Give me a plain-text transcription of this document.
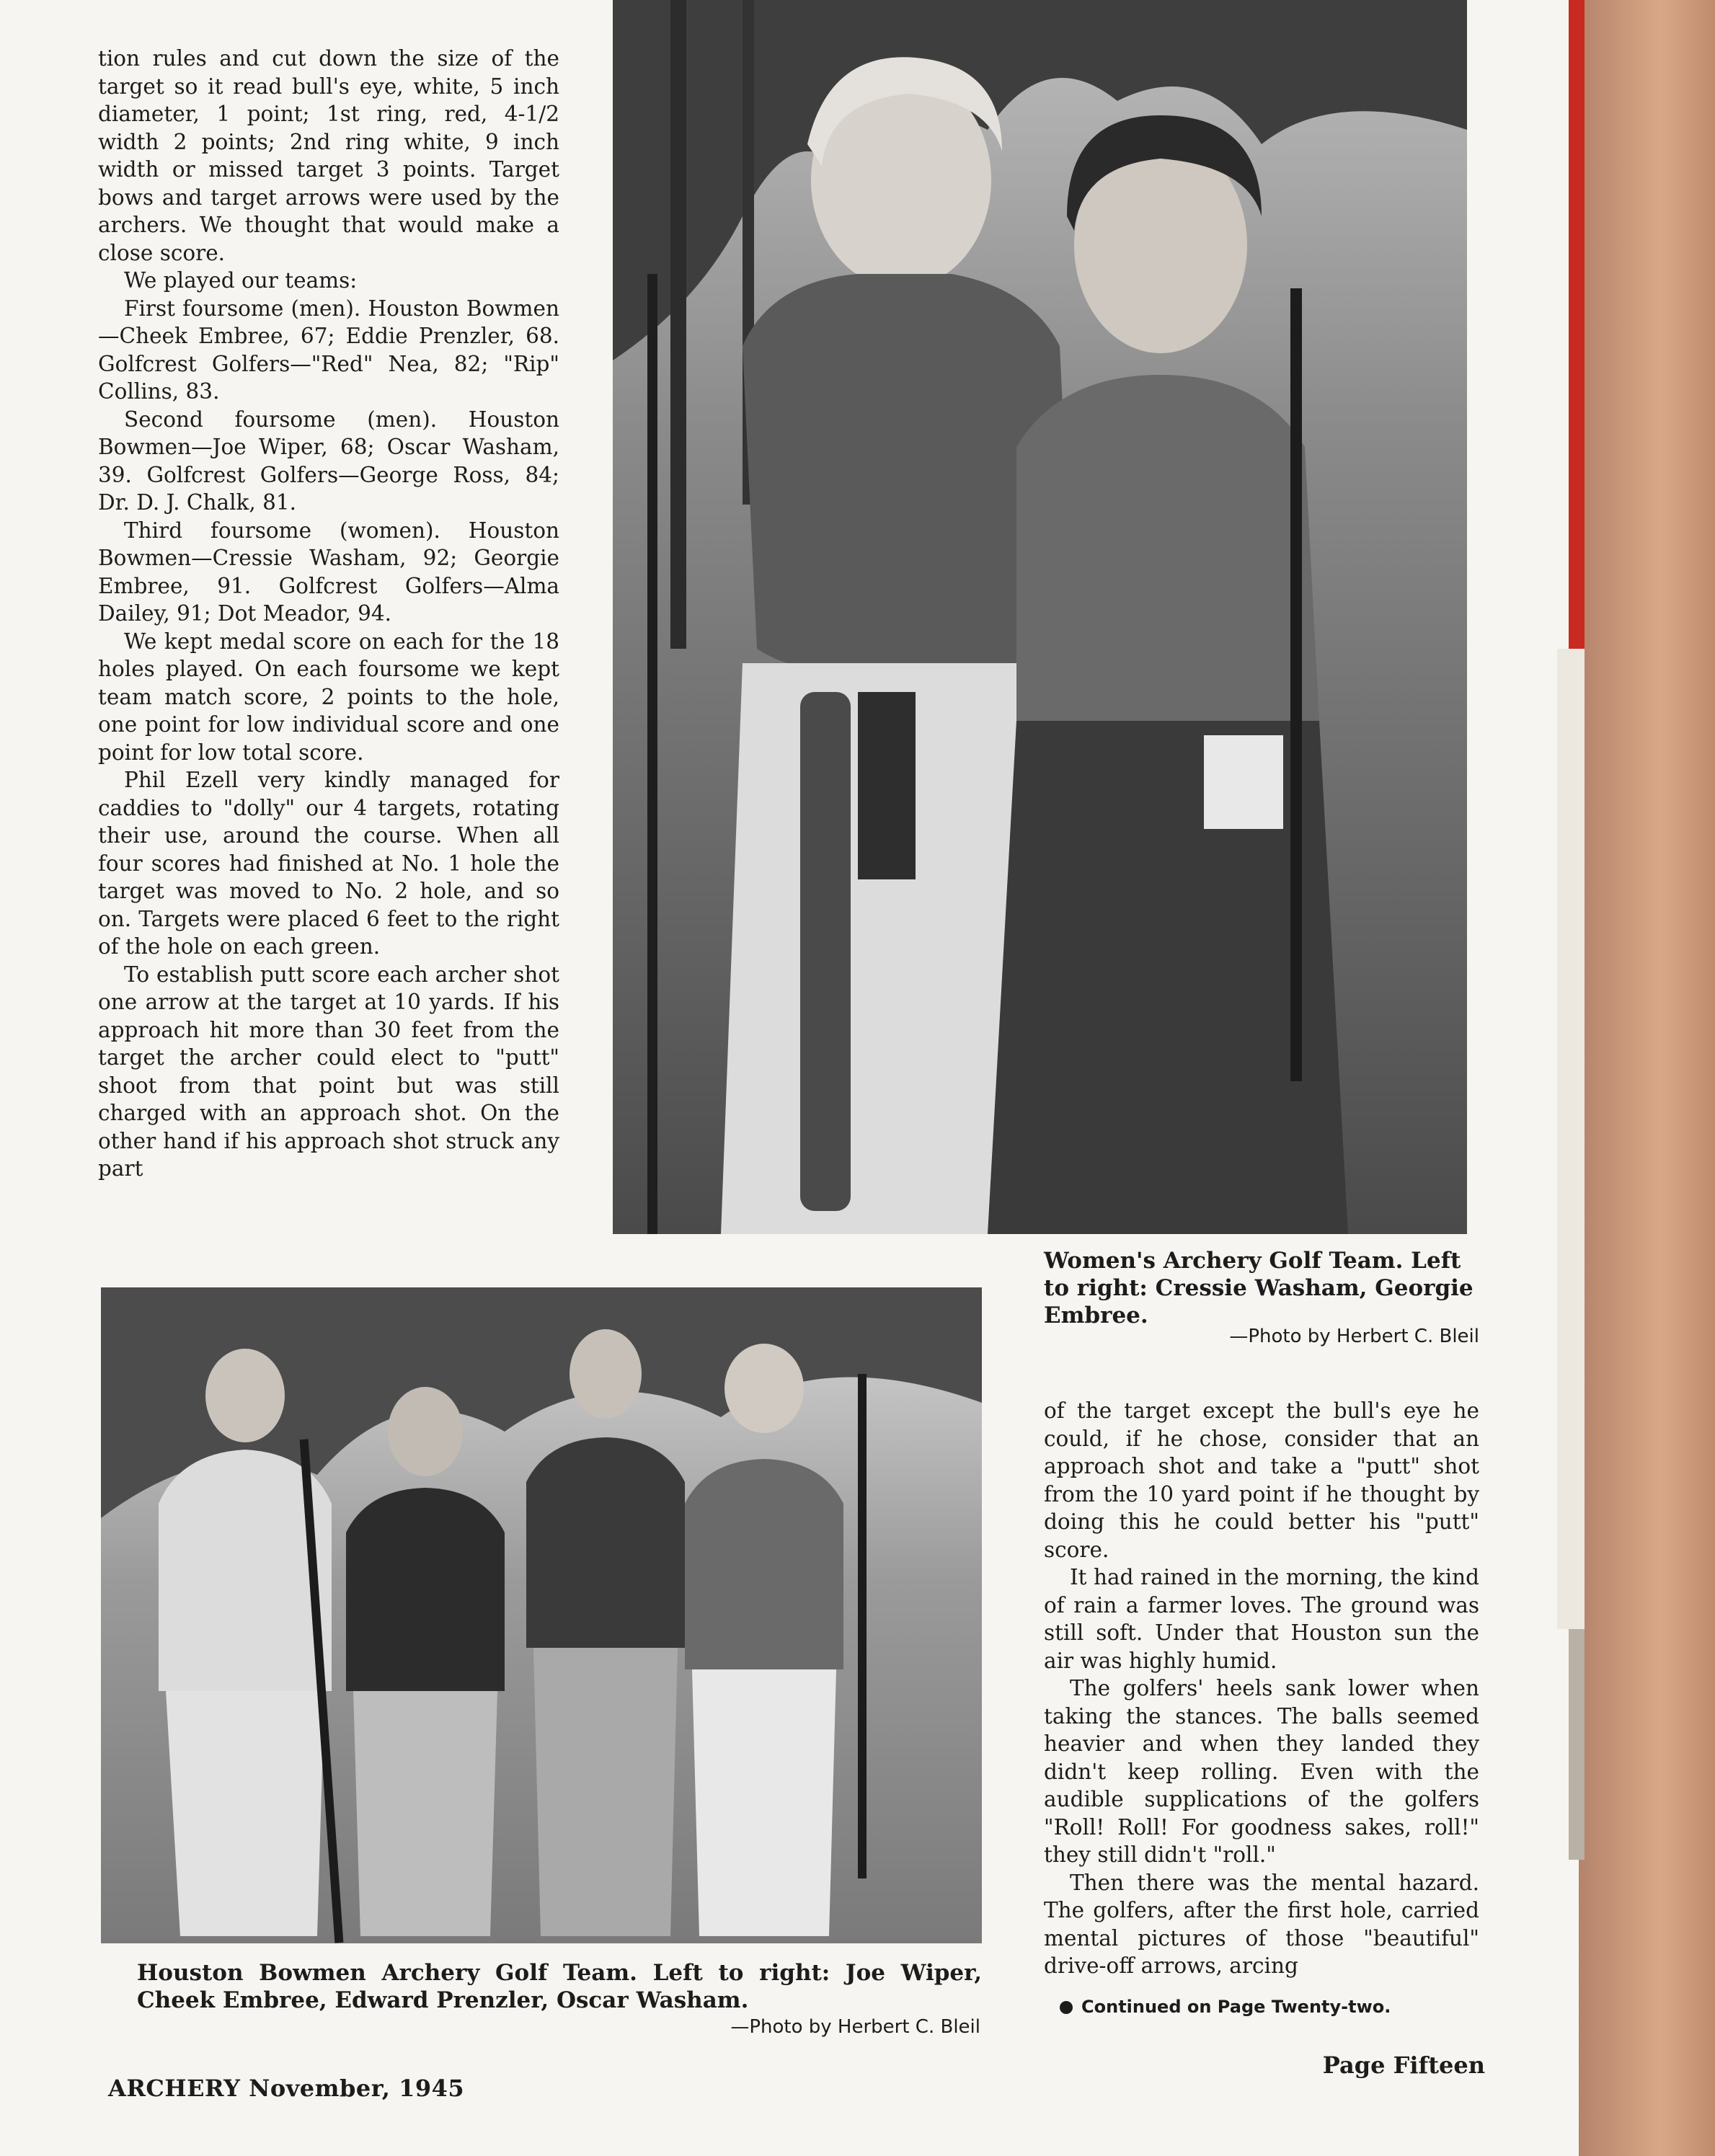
tion rules and cut down the size of the target so it read bull's eye, white, 5 inch diameter, 1 point; 1st ring, red, 4-1/2 width 2 points; 2nd ring white, 9 inch width or missed target 3 points. Target bows and target arrows were used by the archers. We thought that would make a close score.

We played our teams:

First foursome (men). Houston Bowmen—Cheek Embree, 67; Eddie Prenzler, 68. Golfcrest Golfers—"Red" Nea, 82; "Rip" Collins, 83.

Second foursome (men). Houston Bowmen—Joe Wiper, 68; Oscar Washam, 39. Golfcrest Golfers—George Ross, 84; Dr. D. J. Chalk, 81.

Third foursome (women). Houston Bowmen—Cressie Washam, 92; Georgie Embree, 91. Golfcrest Golfers—Alma Dailey, 91; Dot Meador, 94.

We kept medal score on each for the 18 holes played. On each foursome we kept team match score, 2 points to the hole, one point for low individual score and one point for low total score.

Phil Ezell very kindly managed for caddies to "dolly" our 4 targets, rotating their use, around the course. When all four scores had finished at No. 1 hole the target was moved to No. 2 hole, and so on. Targets were placed 6 feet to the right of the hole on each green.

To establish putt score each archer shot one arrow at the target at 10 yards. If his approach hit more than 30 feet from the target the archer could elect to "putt" shoot from that point but was still charged with an approach shot. On the other hand if his approach shot struck any part

Women's Archery Golf Team. Left to right: Cressie Washam, Georgie Embree.
—Photo by Herbert C. Bleil
Houston Bowmen Archery Golf Team. Left to right: Joe Wiper, Cheek Embree, Edward Prenzler, Oscar Washam.
—Photo by Herbert C. Bleil

of the target except the bull's eye he could, if he chose, consider that an approach shot and take a "putt" shot from the 10 yard point if he thought by doing this he could better his "putt" score.

It had rained in the morning, the kind of rain a farmer loves. The ground was still soft. Under that Houston sun the air was highly humid.

The golfers' heels sank lower when taking the stances. The balls seemed heavier and when they landed they didn't keep rolling. Even with the audible supplications of the golfers "Roll! Roll! For goodness sakes, roll!" they still didn't "roll."

Then there was the mental hazard. The golfers, after the first hole, carried mental pictures of those "beautiful" drive-off arrows, arcing

Continued on Page Twenty-two.
ARCHERY November, 1945
Page Fifteen
